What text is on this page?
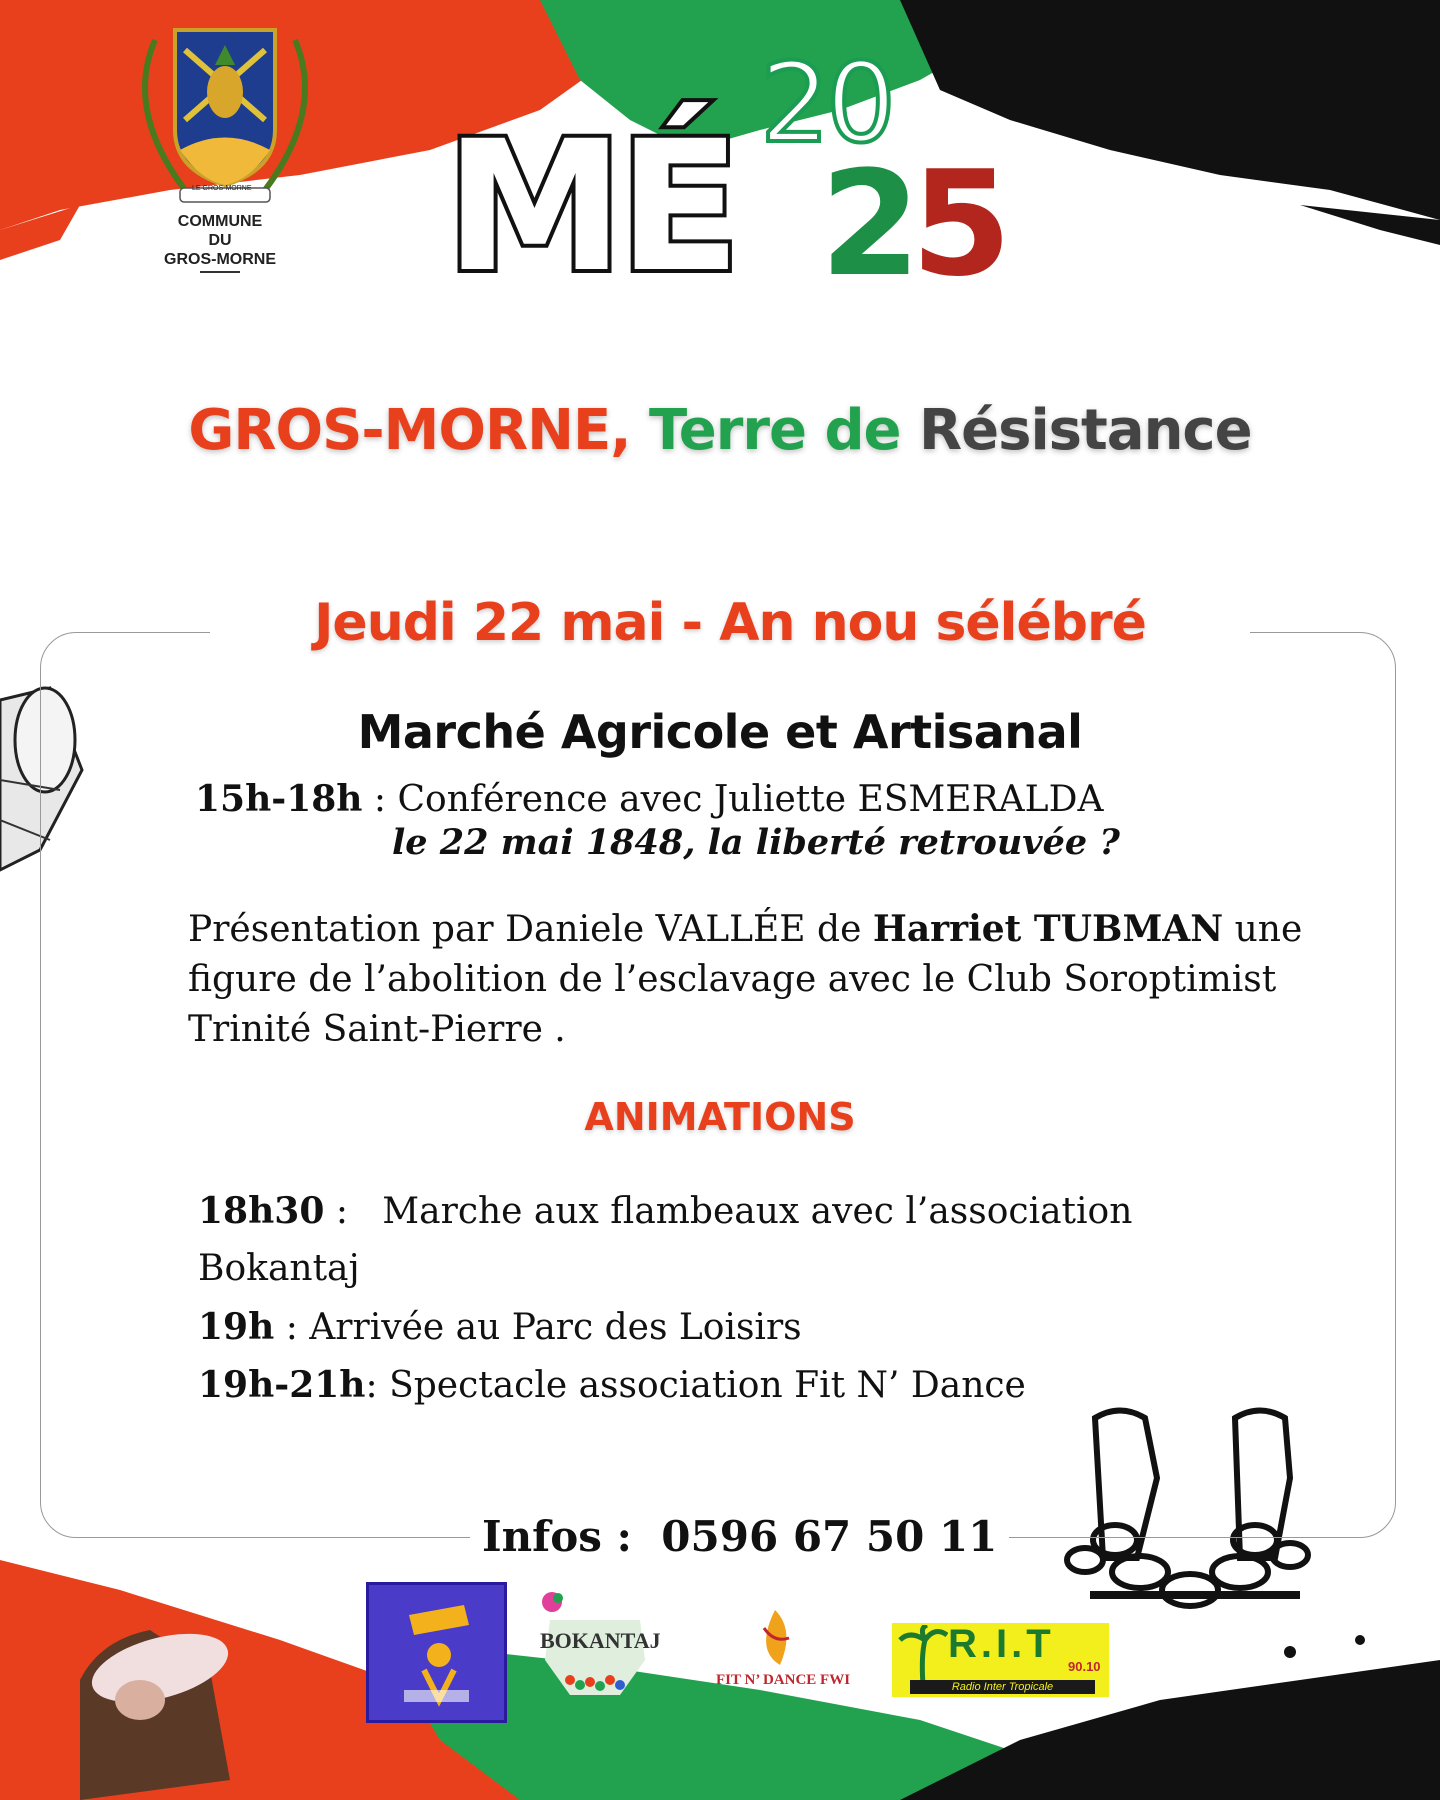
COMMUNE
DU
GROS-MORNE
LE GROS-MORNE MÉ 20
25
GROS-MORNE, Terre de Résistance
Jeudi 22 mai - An nou sélébré
Marché Agricole et Artisanal
15h-18h : Conférence avec Juliette ESMERALDA
le 22 mai 1848, la liberté retrouvée ?
Présentation par Daniele VALLÉE de Harriet TUBMAN une figure de l’abolition de l’esclavage avec le Club Soroptimist Trinité Saint-Pierre .
ANIMATIONS
18h30 :   Marche aux flambeaux avec l’association
Bokantaj
19h : Arrivée au Parc des Loisirs
19h-21h: Spectacle association Fit N’ Dance
Infos : 0596 67 50 11
BOKANTAJ
FIT N’ DANCE FWI
R.I.T
90.10
Radio Inter Tropicale
